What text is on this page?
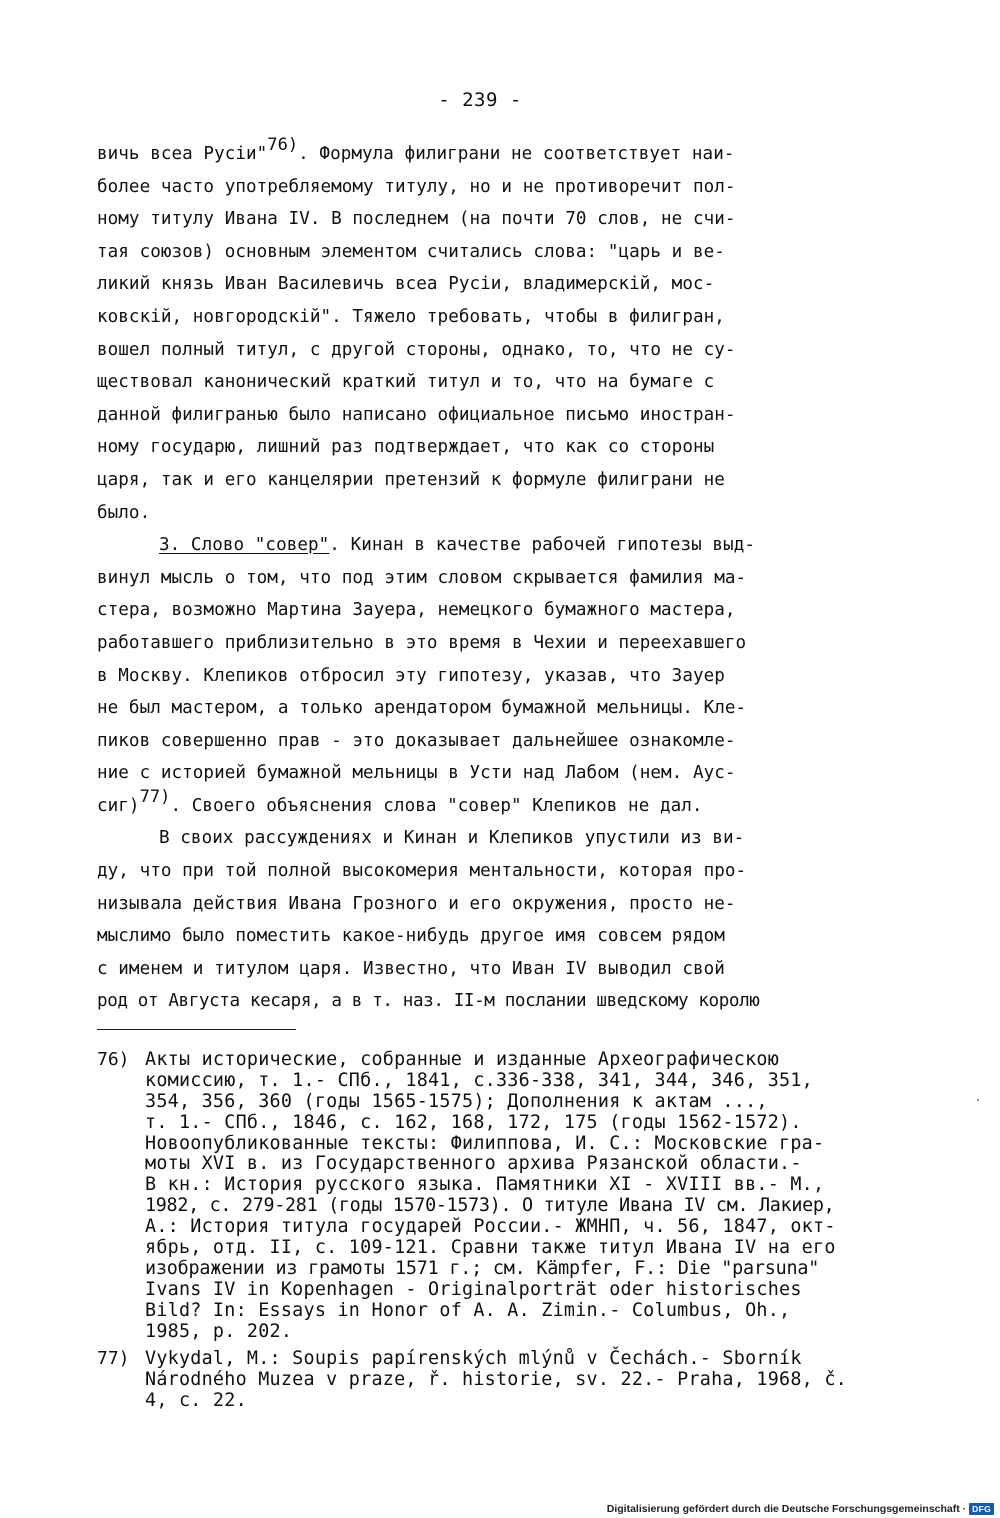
- 239 -
вичь всеа Русіи"$^{76)}$. Формула филиграни не соответствует наи-
более часто употребляемому титулу, но и не противоречит пол-
ному титулу Ивана IV. В последнем (на почти 70 слов, не счи-
тая союзов) основным элементом считались слова: "царь и ве-
ликий князь Иван Василевичь всеа Русіи, владимерскій, мос-
ковскій, новгородскій". Тяжело требовать, чтобы в филигран,
вошел полный титул, с другой стороны, однако, то, что не су-
ществовал канонический краткий титул и то, что на бумаге с
данной филигранью было написано официальное письмо иностран-
ному государю, лишний раз подтверждает, что как со стороны
царя, так и его канцелярии претензий к формуле филиграни не
было.
3. Слово "совер". Кинан в качестве рабочей гипотезы выд-
винул мысль о том, что под этим словом скрывается фамилия ма-
стера, возможно Мартина Зауера, немецкого бумажного мастера,
работавшего приблизительно в это время в Чехии и переехавшего
в Москву. Клепиков отбросил эту гипотезу, указав, что Зауер
не был мастером, а только арендатором бумажной мельницы. Кле-
пиков совершенно прав - это доказывает дальнейшее ознакомле-
ние с историей бумажной мельницы в Усти над Лабом (нем. Аус-
сиг)$^{77)}$. Своего объяснения слова "совер" Клепиков не дал.
В своих рассуждениях и Кинан и Клепиков упустили из ви-
ду, что при той полной высокомерия ментальности, которая про-
низывала действия Ивана Грозного и его окружения, просто не-
мыслимо было поместить какое-нибудь другое имя совсем рядом
с именем и титулом царя. Известно, что Иван IV выводил свой
род от Августа кесаря, а в т. наз. II-м послании шведскому королю
76) Акты исторические, собранные и изданные Археографическою
комиссию, т. 1.- СПб., 1841, с.336-338, 341, 344, 346, 351,
354, 356, 360 (годы 1565-1575); Дополнения к актам ...,
т. 1.- СПб., 1846, с. 162, 168, 172, 175 (годы 1562-1572).
Новоопубликованные тексты: Филиппова, И. С.: Московские гра-
моты XVI в. из Государственного архива Рязанской области.-
В кн.: История русского языка. Памятники XI - XVIII вв.- М.,
1982, с. 279-281 (годы 1570-1573). О титуле Ивана IV см. Лакиер,
А.: История титула государей России.- ЖМНП, ч. 56, 1847, окт-
ябрь, отд. II, с. 109-121. Сравни также титул Ивана IV на его
изображении из грамоты 1571 г.; см. Kämpfer, F.: Die "parsuna"
Ivans IV in Kopenhagen - Originalporträt oder historisches
Bild? In: Essays in Honor of A. A. Zimin.- Columbus, Oh.,
1985, p. 202.
77) Vykydal, M.: Soupis papírenských mlýnů v Čechách.- Sborník
Národného Muzea v praze, ř. historie, sv. 22.- Praha, 1968, č.
4, c. 22.
Digitalisierung gefördert durch die Deutsche Forschungsgemeinschaft · DFG
